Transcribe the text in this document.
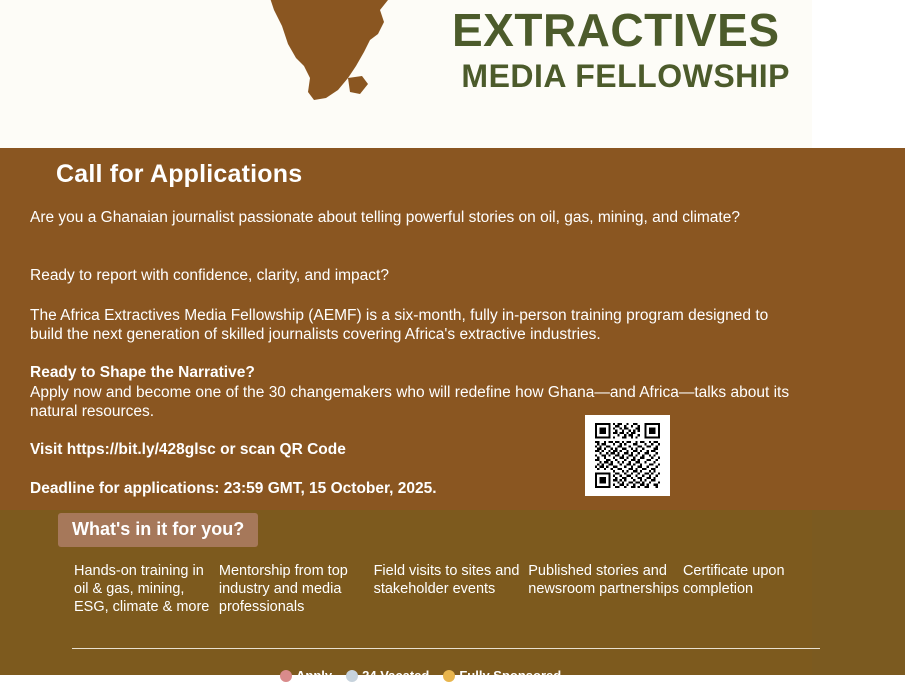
EXTRACTIVES
MEDIA FELLOWSHIP
Call for Applications
Are you a Ghanaian journalist passionate about telling powerful stories on oil, gas, mining, and climate?
Ready to report with confidence, clarity, and impact?
The Africa Extractives Media Fellowship (AEMF) is a six-month, fully in-person training program designed to build the next generation of skilled journalists covering Africa's extractive industries.
Ready to Shape the Narrative?
Apply now and become one of the 30 changemakers who will redefine how Ghana—and Africa—talks about its natural resources.
Visit https://bit.ly/428glsc or scan QR Code
Deadline for applications: 23:59 GMT, 15 October, 2025.
What's in it for you?
Hands-on training in oil & gas, mining, ESG, climate & more
Mentorship from top industry and media professionals
Field visits to sites and stakeholder events
Published stories and newsroom partnerships
Certificate upon completion
Apply 24 Vacated Fully Sponsored
